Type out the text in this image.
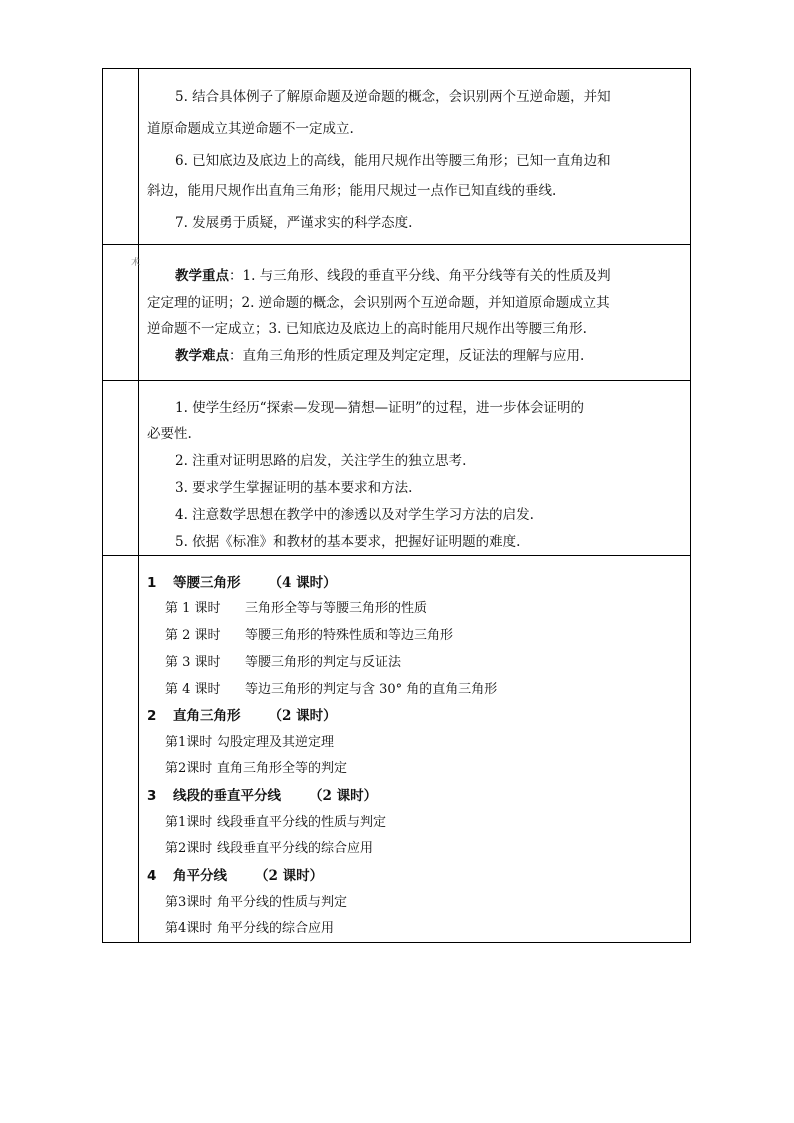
术
5. 结合具体例子了解原命题及逆命题的概念，会识别两个互逆命题，并知
道原命题成立其逆命题不一定成立.
6. 已知底边及底边上的高线，能用尺规作出等腰三角形；已知一直角边和
斜边，能用尺规作出直角三角形；能用尺规过一点作已知直线的垂线.
7. 发展勇于质疑，严谨求实的科学态度.
教学重点：1. 与三角形、线段的垂直平分线、角平分线等有关的性质及判
定定理的证明；2. 逆命题的概念，会识别两个互逆命题，并知道原命题成立其
逆命题不一定成立；3. 已知底边及底边上的高时能用尺规作出等腰三角形.
教学难点：直角三角形的性质定理及判定定理，反证法的理解与应用.
1. 使学生经历“探索—发现—猜想—证明”的过程，进一步体会证明的
必要性.
2. 注重对证明思路的启发，关注学生的独立思考.
3. 要求学生掌握证明的基本要求和方法.
4. 注意数学思想在教学中的渗透以及对学生学习方法的启发.
5. 依据《标准》和教材的基本要求，把握好证明题的难度.
1 等腰三角形 （4 课时）
第 1 课时 三角形全等与等腰三角形的性质
第 2 课时 等腰三角形的特殊性质和等边三角形
第 3 课时 等腰三角形的判定与反证法
第 4 课时 等边三角形的判定与含 30° 角的直角三角形
2 直角三角形 （2 课时）
第1课时 勾股定理及其逆定理
第2课时 直角三角形全等的判定
3 线段的垂直平分线 （2 课时）
第1课时 线段垂直平分线的性质与判定
第2课时 线段垂直平分线的综合应用
4 角平分线 （2 课时）
第3课时 角平分线的性质与判定
第4课时 角平分线的综合应用
